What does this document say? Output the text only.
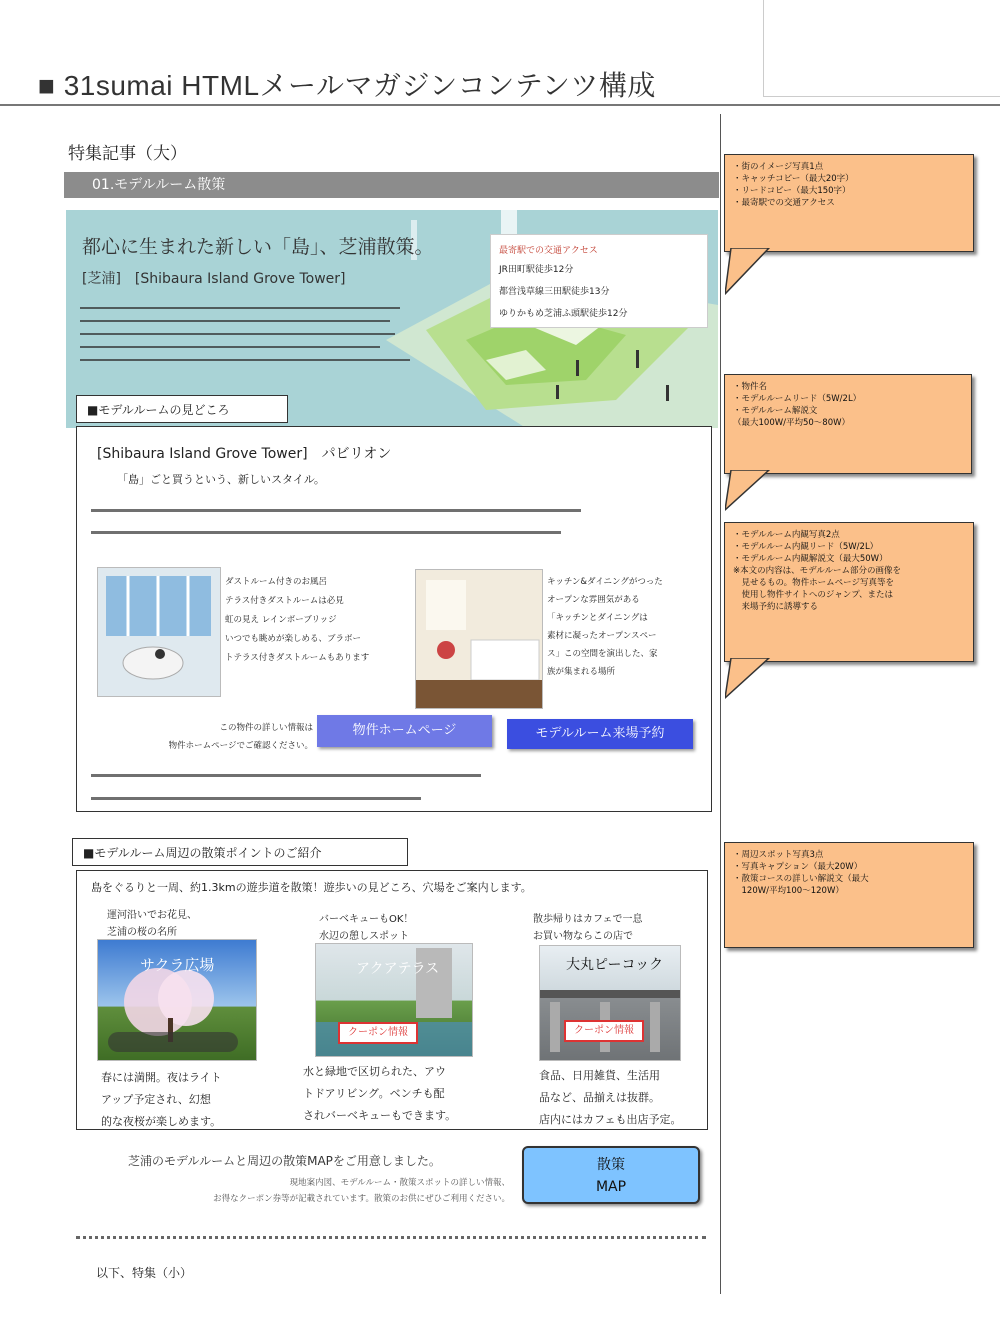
■ 31sumai HTMLメールマガジンコンテンツ構成
特集記事（大）
01.モデルルーム散策
都心に生まれた新しい「島」、芝浦散策。
[芝浦]　[Shibaura Island Grove Tower]
最寄駅での交通アクセス
JR田町駅徒歩12分
都営浅草線三田駅徒歩13分
ゆりかもめ芝浦ふ頭駅徒歩12分
■モデルルームの見どころ
[Shibaura Island Grove Tower]　パビリオン
「島」ごと買うという、新しいスタイル。
ダストルーム付きのお風呂
テラス付きダストルームは必見
虹の見え レインボーブリッジ
いつでも眺めが楽しめる、ブラボー
トテラス付きダストルームもあります
キッチン&ダイニングがつった
オープンな雰囲気がある
「キッチンとダイニングは
素材に凝ったオープンスペー
ス」この空間を演出した、家
族が集まれる場所
この物件の詳しい情報は
物件ホームページでご確認ください。
物件ホームページ	モデルルーム来場予約
■モデルルーム周辺の散策ポイントのご紹介
島をぐるりと一周、約1.3kmの遊歩道を散策！遊歩いの見どころ、穴場をご案内します。
運河沿いでお花見、
芝浦の桜の名所
サクラ広場
春には満開。夜はライト
アップ予定され、幻想
的な夜桜が楽しめます。
バーベキューもOK！
水辺の憩しスポット
アクアテラス
クーポン情報
水と緑地で区切られた、アウ
トドアリビング。ベンチも配
されバーベキューもできます。
散歩帰りはカフェで一息
お買い物ならこの店で
大丸ピーコック
クーポン情報
食品、日用雑貨、生活用
品など、品揃えは抜群。
店内にはカフェも出店予定。
芝浦のモデルルームと周辺の散策MAPをご用意しました。
現地案内図、モデルルーム・散策スポットの詳しい情報、
お得なクーポン券等が記載されています。散策のお供にぜひご利用ください。
散策
MAP
以下、特集（小）
・街のイメージ写真1点
・キャッチコピー（最大20字）
・リードコピー（最大150字）
・最寄駅での交通アクセス
・物件名
・モデルルームリード（5W/2L）
・モデルルーム解説文
（最大100W/平均50〜80W）
・モデルルーム内観写真2点
・モデルルーム内観リード（5W/2L）
・モデルルーム内観解説文（最大50W）
※本文の内容は、モデルルーム部分の画像を
　見せるもの。物件ホームページ写真等を
　使用し物件サイトへのジャンプ、または
　来場予約に誘導する
・周辺スポット写真3点
・写真キャプション（最大20W）
・散策コースの詳しい解説文（最大
　120W/平均100〜120W）
